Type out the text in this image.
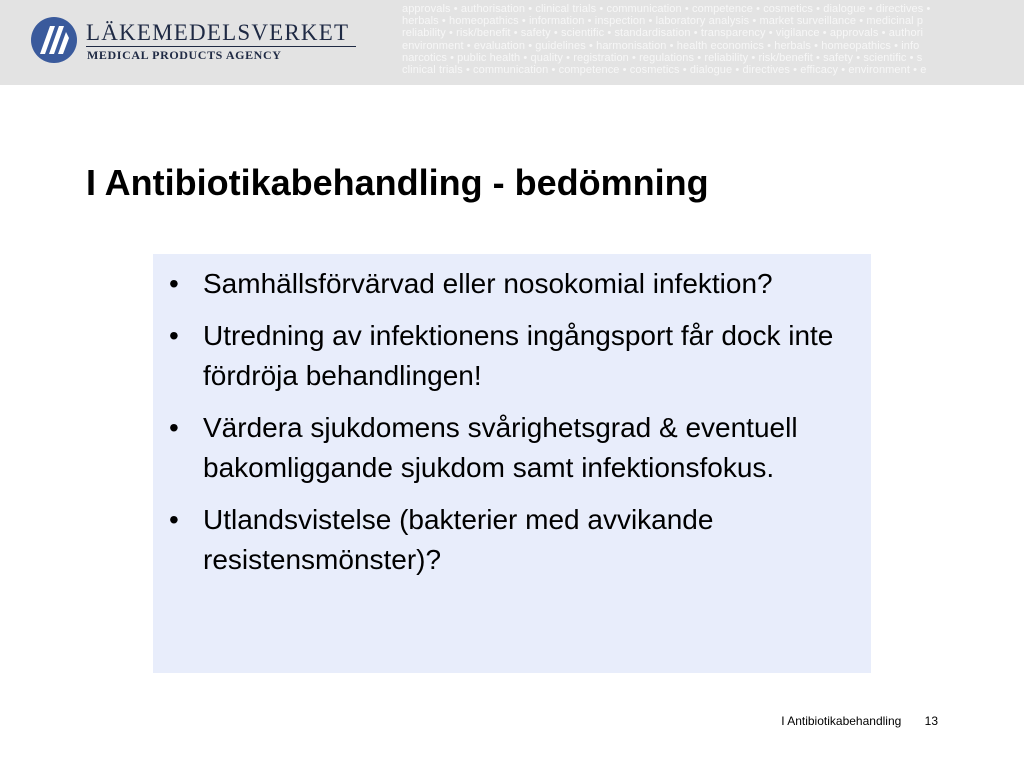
LÄKEMEDELSVERKET
MEDICAL PRODUCTS AGENCY
approvals • authorisation • clinical trials • communication • competence • cosmetics • dialogue • directives •
herbals • homeopathics • information • inspection • laboratory analysis • market surveillance • medicinal p
reliability • risk/benefit • safety • scientific • standardisation • transparency • vigilance • approvals • authori
environment • evaluation • guidelines • harmonisation • health economics • herbals • homeopathics • info
narcotics • public health • quality • registration • regulations • reliability • risk/benefit • safety • scientific • s
clinical trials • communication • competence • cosmetics • dialogue • directives • efficacy • environment • e
I Antibiotikabehandling - bedömning
• Samhällsförvärvad eller nosokomial infektion?
• Utredning av infektionens ingångsport får dock inte fördröja behandlingen!
• Värdera sjukdomens svårighetsgrad & eventuell bakomliggande sjukdom samt infektionsfokus.
• Utlandsvistelse (bakterier med avvikande resistensmönster)?
I Antibiotikabehandling 13
